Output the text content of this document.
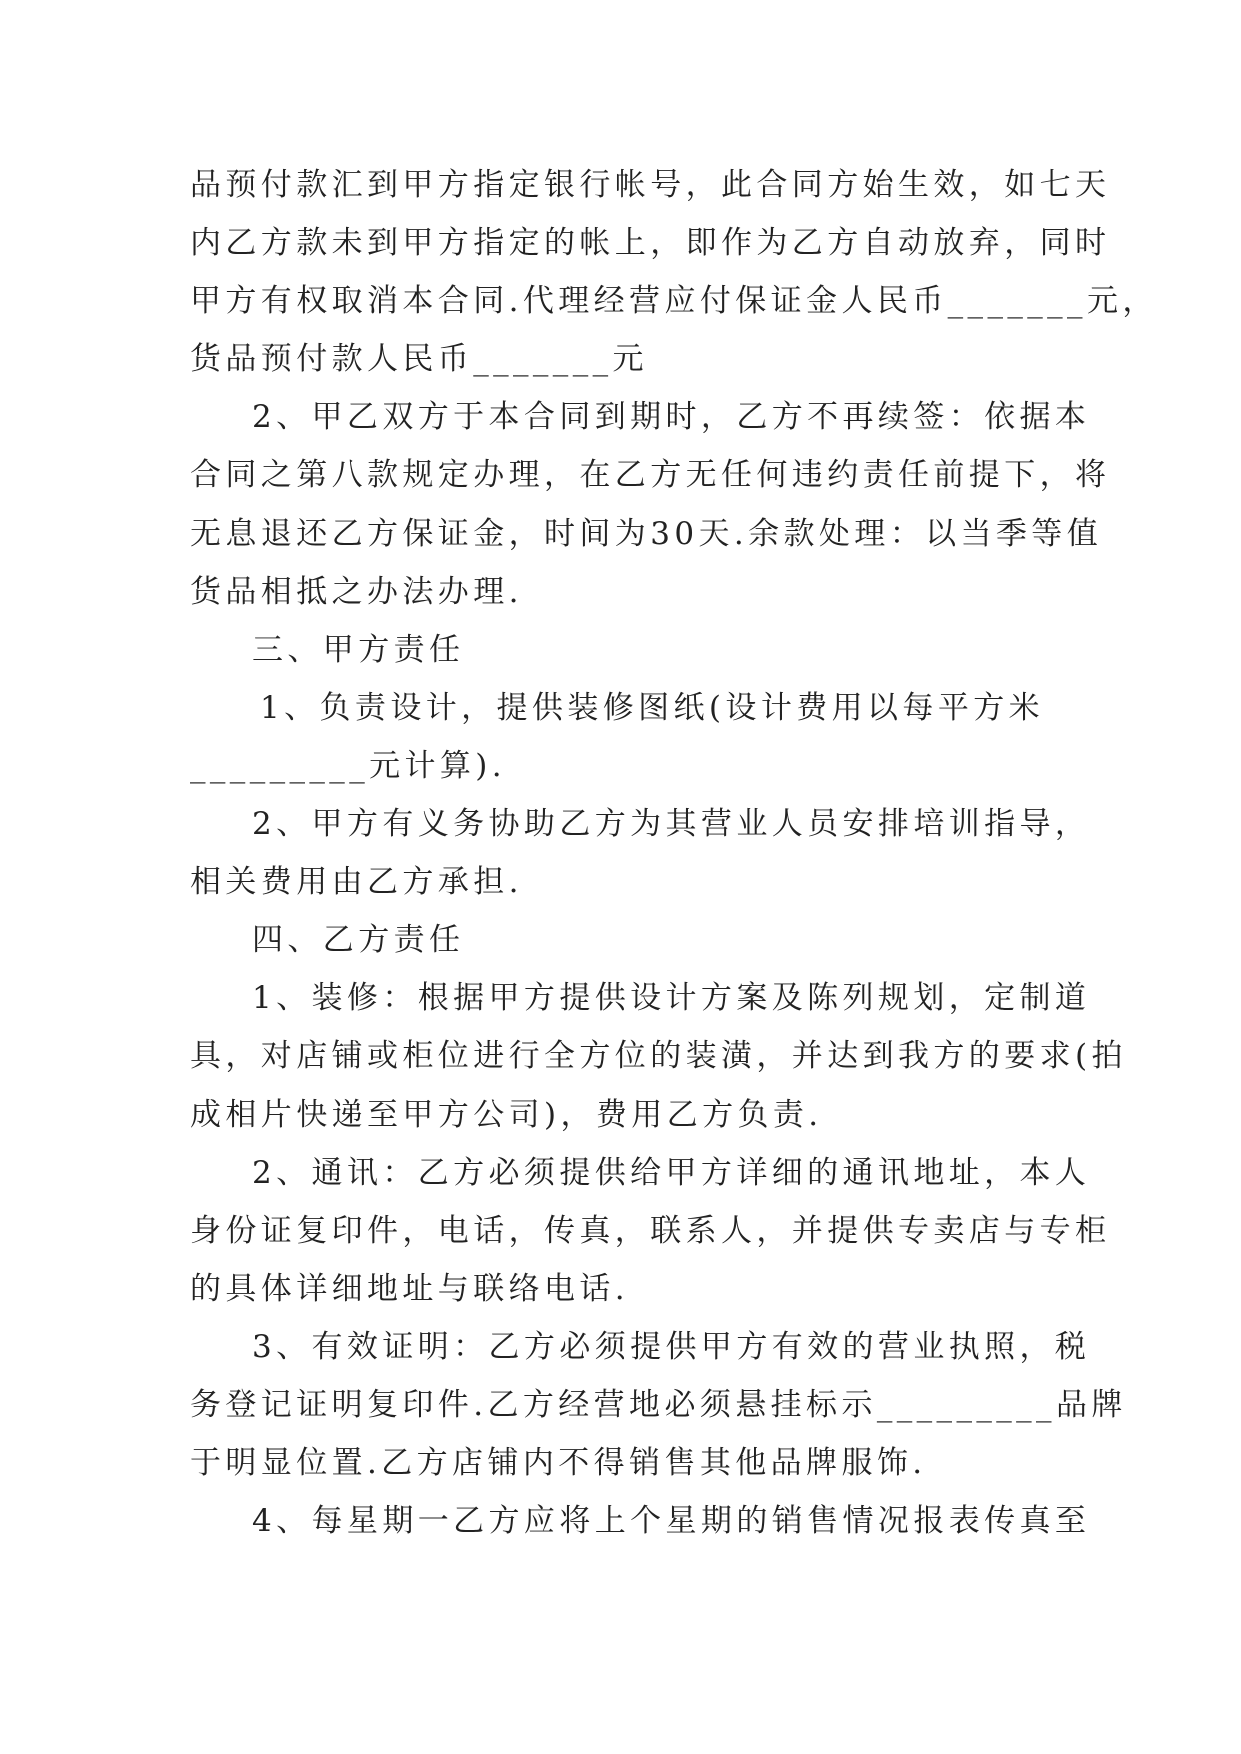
品预付款汇到甲方指定银行帐号，此合同方始生效，如七天
内乙方款未到甲方指定的帐上，即作为乙方自动放弃，同时
甲方有权取消本合同.代理经营应付保证金人民币_______元，
货品预付款人民币_______元
2、甲乙双方于本合同到期时，乙方不再续签：依据本
合同之第八款规定办理，在乙方无任何违约责任前提下，将
无息退还乙方保证金，时间为30天.余款处理：以当季等值
货品相抵之办法办理.
三、甲方责任
1、负责设计，提供装修图纸(设计费用以每平方米
_________元计算).
2、甲方有义务协助乙方为其营业人员安排培训指导，
相关费用由乙方承担.
四、乙方责任
1、装修：根据甲方提供设计方案及陈列规划，定制道
具，对店铺或柜位进行全方位的装潢，并达到我方的要求(拍
成相片快递至甲方公司)，费用乙方负责.
2、通讯：乙方必须提供给甲方详细的通讯地址，本人
身份证复印件，电话，传真，联系人，并提供专卖店与专柜
的具体详细地址与联络电话.
3、有效证明：乙方必须提供甲方有效的营业执照，税
务登记证明复印件.乙方经营地必须悬挂标示_________品牌
于明显位置.乙方店铺内不得销售其他品牌服饰.
4、每星期一乙方应将上个星期的销售情况报表传真至
